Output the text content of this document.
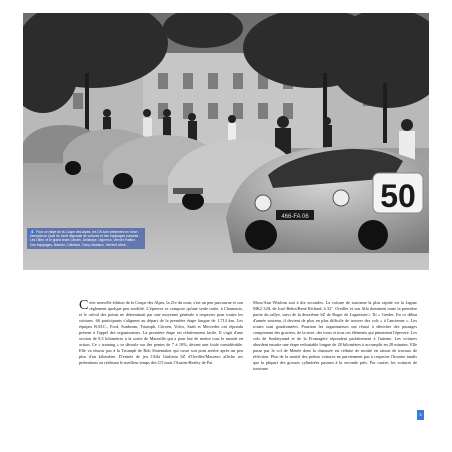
466-FA 06
50
4 Pour ce rallye de la Coupe des Alpes, les DS sont présentes en force : l'armada du Quai de Javel disposait de voitures et des équipages suivants : Les Ollier, et le grand team Citroën, Delahaye, Vigneron, Vernier-Palliez. Ces équipages, Bianchi, Coltelloni, Toury-Vaudaux, Verrier/Lafont…

Cette nouvelle édition de la Coupe des Alpes, la 21e du nom, s'est un peu parcourue et son règlement quelque peu modifié. L'épreuve se compose qu'une seule traite, à Chamonix, et le calcul des points ne déterminait par une moyenne générale à respecter pour toutes les voitures. 66 participants s'alignent au départ de la première étape longue de 1.714 km. Les équipes B.M.C., Ford, Sunbeam, Triumph, Citroën, Volvo, Saab et Mercedes ont répondu présent à l'appel des organisateurs. La première étape est relativement facile. Il s'agit d'une section de 8,5 kilomètres à la sortie de Marseille qui a pour but de mettre tous le monde en action. Ce « training » se déroule sur des pentes de 7 à 10%, devant une foule considérable. Elle va réussir pas à la Triumph de Rob Slotemaker qui casse son pont arrière après un peu plus d'un kilomètre. D'entrée de jeu l'Alfa Giulietta SZ d'Oreiller/Masoero affiche ses prétentions en réalisant le meilleur temps des GT mais l'Austin-Healey de Pat

Moss/Ann Wisdom suit à dix secondes. La voiture de tourisme la plus rapide est la Jaguar MK2 3,8L de José Behra/René Richard, à 32". Oreiller et son Alfa dominent toute la première partie du rallye, suivi de la deuxième SZ de Roger de Lageneste/« Tit » Greder. En ce début d'année soutenu, il devient de plus en plus difficile de trouver des cols « à l'ancienne ». Les routes sont goudronnées. Pourtant les organisateurs ont réussi à dénicher des passages comprenant des graviers, de la terre, des trous et tous ces éléments qui pimentent l'épreuve. Les cols de Soubeyrand et de la Fromagère répondent parfaitement à l'attente. Les voitures abordent ensuite une étape redoutable longue de 28 kilomètres à accomplir en 28 minutes. Elle passe par le col de Menée dont la chaussée est réduite de moitié en raison de travaux de réfection. Plus de la moitié des petites voitures ne parviennent pas à respecter l'horaire tandis que la plupart des grosses cylindrées passent à la seconde près. Par contre, les voitures de tourisme

5
